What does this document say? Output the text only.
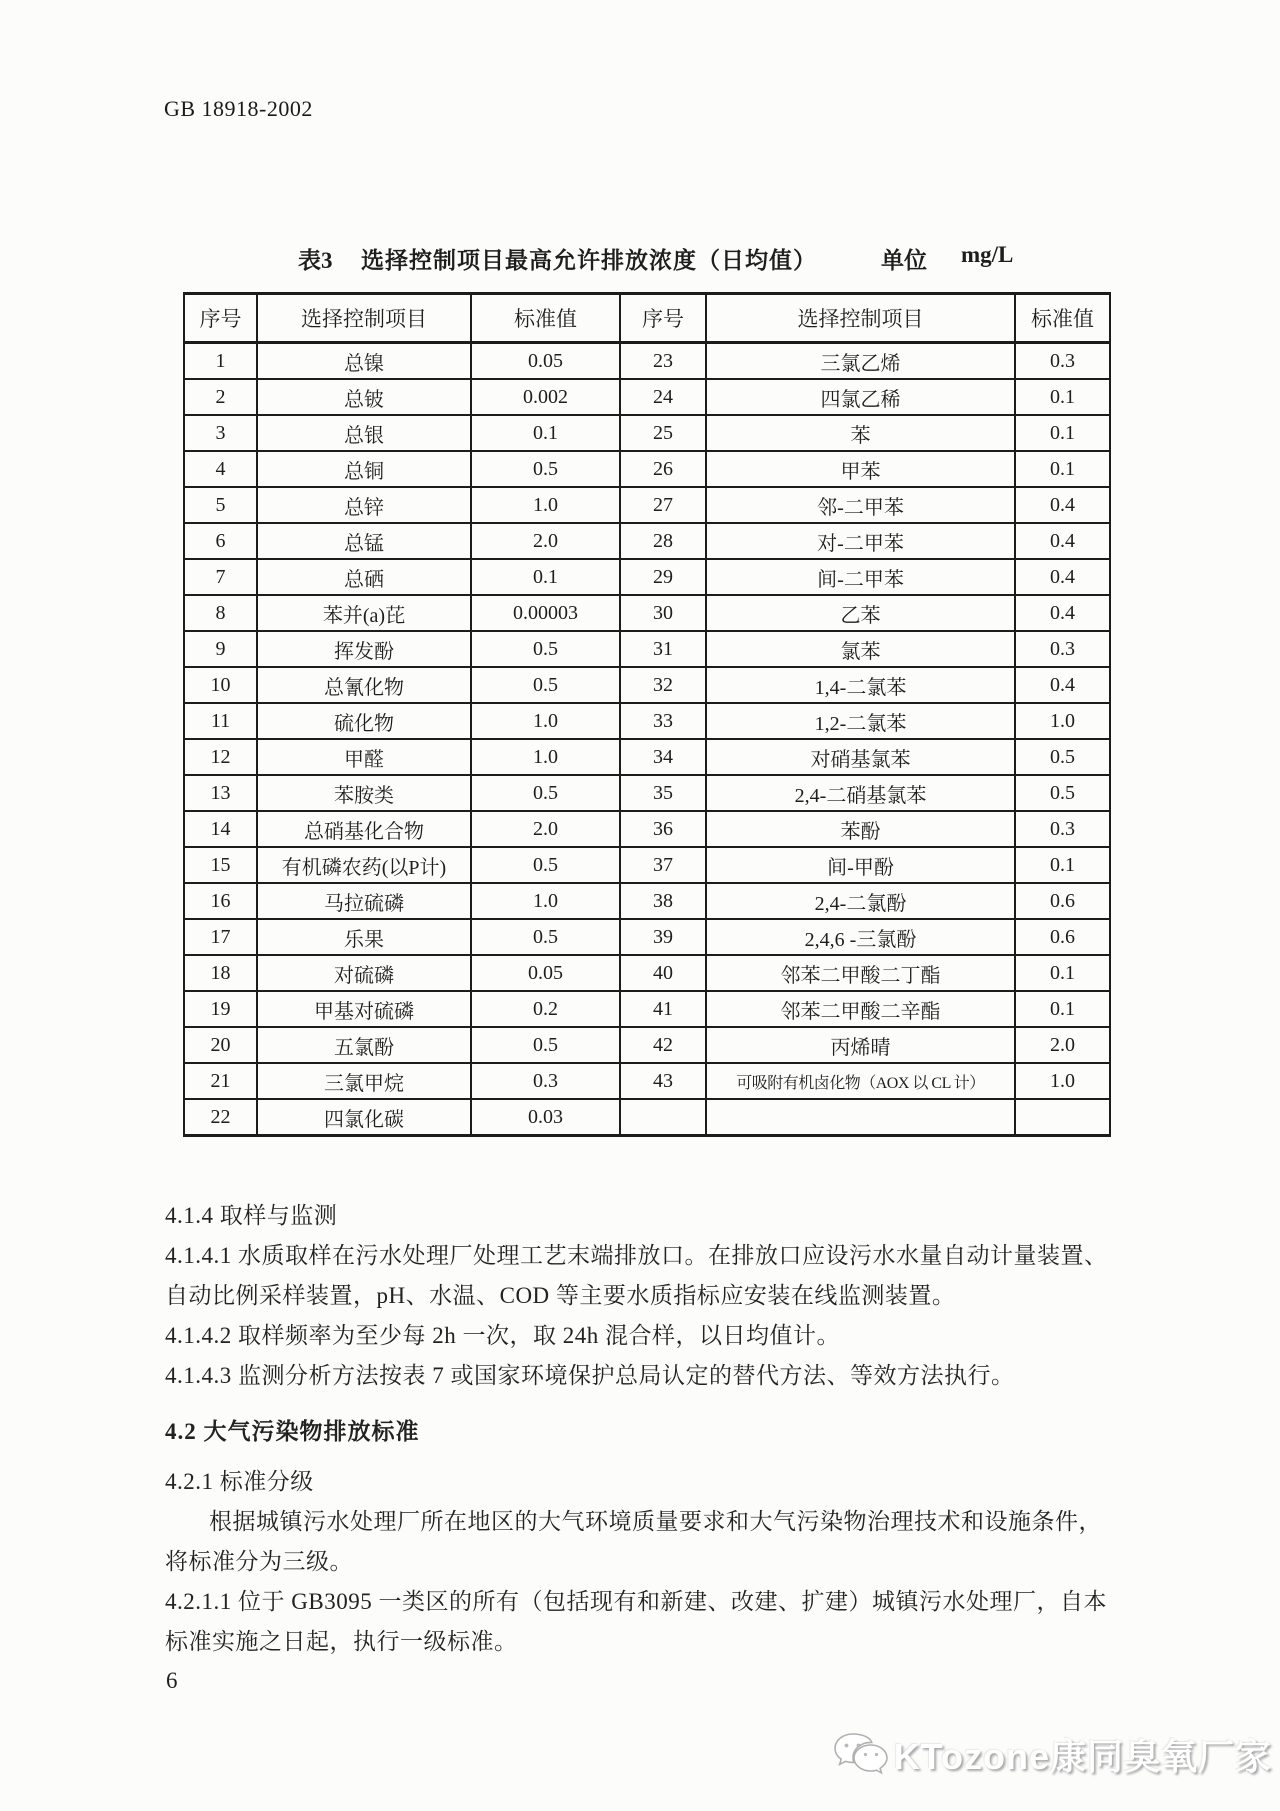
GB 18918-2002
表3 选择控制项目最高允许排放浓度（日均值）	单位 mg/L
序号	选择控制项目	标准值	序号	选择控制项目	标准值
1	总镍	0.05	23	三氯乙烯	0.3
2	总铍	0.002	24	四氯乙稀	0.1
3	总银	0.1	25	苯	0.1
4	总铜	0.5	26	甲苯	0.1
5	总锌	1.0	27	邻-二甲苯	0.4
6	总锰	2.0	28	对-二甲苯	0.4
7	总硒	0.1	29	间-二甲苯	0.4
8	苯并(a)芘	0.00003	30	乙苯	0.4
9	挥发酚	0.5	31	氯苯	0.3
10	总氰化物	0.5	32	1,4-二氯苯	0.4
11	硫化物	1.0	33	1,2-二氯苯	1.0
12	甲醛	1.0	34	对硝基氯苯	0.5
13	苯胺类	0.5	35	2,4-二硝基氯苯	0.5
14	总硝基化合物	2.0	36	苯酚	0.3
15	有机磷农药(以P计)	0.5	37	间-甲酚	0.1
16	马拉硫磷	1.0	38	2,4-二氯酚	0.6
17	乐果	0.5	39	2,4,6 -三氯酚	0.6
18	对硫磷	0.05	40	邻苯二甲酸二丁酯	0.1
19	甲基对硫磷	0.2	41	邻苯二甲酸二辛酯	0.1
20	五氯酚	0.5	42	丙烯晴	2.0
21	三氯甲烷	0.3	43	可吸附有机卤化物（AOX 以 CL 计）	1.0
22	四氯化碳	0.03			
4.1.4 取样与监测
4.1.4.1 水质取样在污水处理厂处理工艺末端排放口。在排放口应设污水水量自动计量装置、
自动比例采样装置，pH、水温、COD 等主要水质指标应安装在线监测装置。
4.1.4.2 取样频率为至少每 2h 一次，取 24h 混合样，以日均值计。
4.1.4.3 监测分析方法按表 7 或国家环境保护总局认定的替代方法、等效方法执行。
4.2 大气污染物排放标准
4.2.1 标准分级
根据城镇污水处理厂所在地区的大气环境质量要求和大气污染物治理技术和设施条件，
将标准分为三级。
4.2.1.1 位于 GB3095 一类区的所有（包括现有和新建、改建、扩建）城镇污水处理厂，自本
标准实施之日起，执行一级标准。
6
KTozone康同臭氧厂家
